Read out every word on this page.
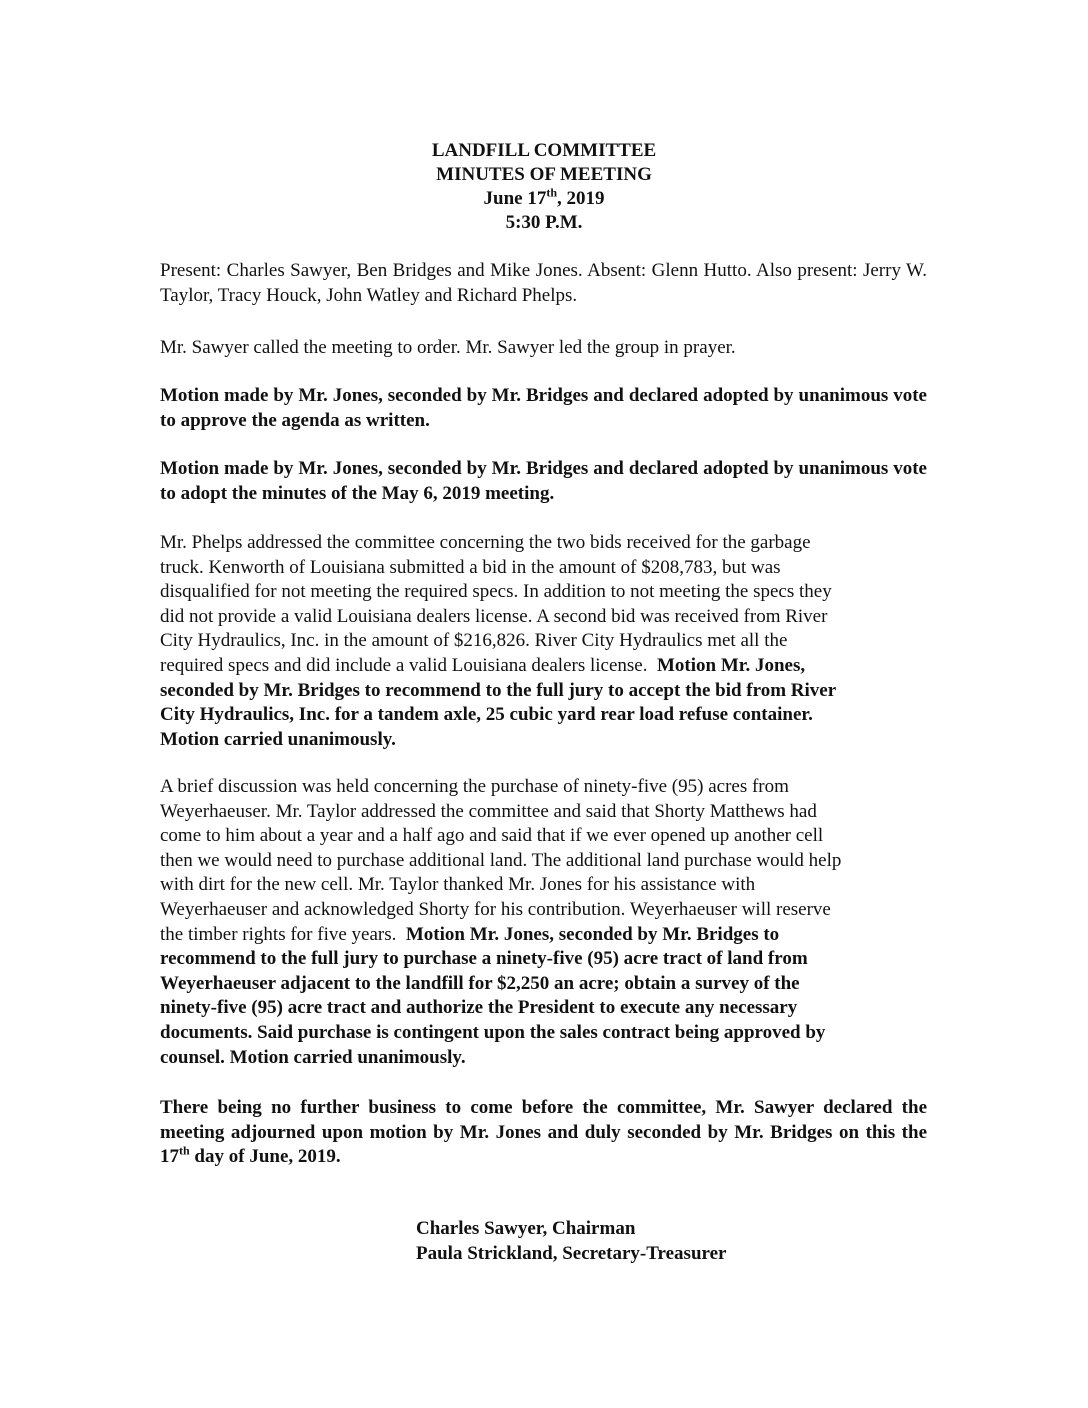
LANDFILL COMMITTEE
MINUTES OF MEETING
June 17th, 2019
5:30 P.M.

Present: Charles Sawyer, Ben Bridges and Mike Jones. Absent: Glenn Hutto. Also present: Jerry W. Taylor, Tracy Houck, John Watley and Richard Phelps.

Mr. Sawyer called the meeting to order. Mr. Sawyer led the group in prayer.

Motion made by Mr. Jones, seconded by Mr. Bridges and declared adopted by unanimous vote to approve the agenda as written.

Motion made by Mr. Jones, seconded by Mr. Bridges and declared adopted by unanimous vote to adopt the minutes of the May 6, 2019 meeting.

Mr. Phelps addressed the committee concerning the two bids received for the garbage
truck. Kenworth of Louisiana submitted a bid in the amount of $208,783, but was
disqualified for not meeting the required specs. In addition to not meeting the specs they
did not provide a valid Louisiana dealers license. A second bid was received from River
City Hydraulics, Inc. in the amount of $216,826. River City Hydraulics met all the
required specs and did include a valid Louisiana dealers license.  Motion Mr. Jones,
seconded by Mr. Bridges to recommend to the full jury to accept the bid from River
City Hydraulics, Inc. for a tandem axle, 25 cubic yard rear load refuse container.
Motion carried unanimously.
A brief discussion was held concerning the purchase of ninety-five (95) acres from
Weyerhaeuser. Mr. Taylor addressed the committee and said that Shorty Matthews had
come to him about a year and a half ago and said that if we ever opened up another cell
then we would need to purchase additional land. The additional land purchase would help
with dirt for the new cell. Mr. Taylor thanked Mr. Jones for his assistance with
Weyerhaeuser and acknowledged Shorty for his contribution. Weyerhaeuser will reserve
the timber rights for five years.  Motion Mr. Jones, seconded by Mr. Bridges to
recommend to the full jury to purchase a ninety-five (95) acre tract of land from
Weyerhaeuser adjacent to the landfill for $2,250 an acre; obtain a survey of the
ninety-five (95) acre tract and authorize the President to execute any necessary
documents. Said purchase is contingent upon the sales contract being approved by
counsel. Motion carried unanimously.

There being no further business to come before the committee, Mr. Sawyer declared the meeting adjourned upon motion by Mr. Jones and duly seconded by Mr. Bridges on this the 17th day of June, 2019.

Charles Sawyer, Chairman
Paula Strickland, Secretary-Treasurer
